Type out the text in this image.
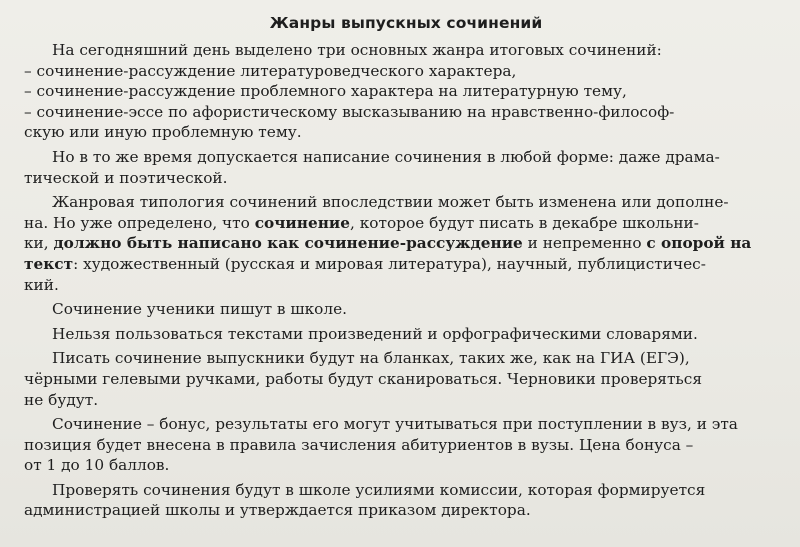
Жанры выпускных сочинений

На сегодняшний день выделено три основных жанра итоговых сочинений:
– сочинение-рассуждение литературоведческого характера,
– сочинение-рассуждение проблемного характера на литературную тему,
– сочинение-эссе по афористическому высказыванию на нравственно-философ-
скую или иную проблемную тему.

Но в то же время допускается написание сочинения в любой форме: даже драма-
тической и поэтической.

Жанровая типология сочинений впоследствии может быть изменена или дополне-
на. Но уже определено, что сочинение, которое будут писать в декабре школьни-
ки, должно быть написано как сочинение-рассуждение и непременно с опорой на
текст: художественный (русская и мировая литература), научный, публицистичес-
кий.

Сочинение ученики пишут в школе.

Нельзя пользоваться текстами произведений и орфографическими словарями.

Писать сочинение выпускники будут на бланках, таких же, как на ГИА (ЕГЭ),
чёрными гелевыми ручками, работы будут сканироваться. Черновики проверяться
не будут.

Сочинение – бонус, результаты его могут учитываться при поступлении в вуз, и эта
позиция будет внесена в правила зачисления абитуриентов в вузы. Цена бонуса –
от 1 до 10 баллов.

Проверять сочинения будут в школе усилиями комиссии, которая формируется
администрацией школы и утверждается приказом директора.
